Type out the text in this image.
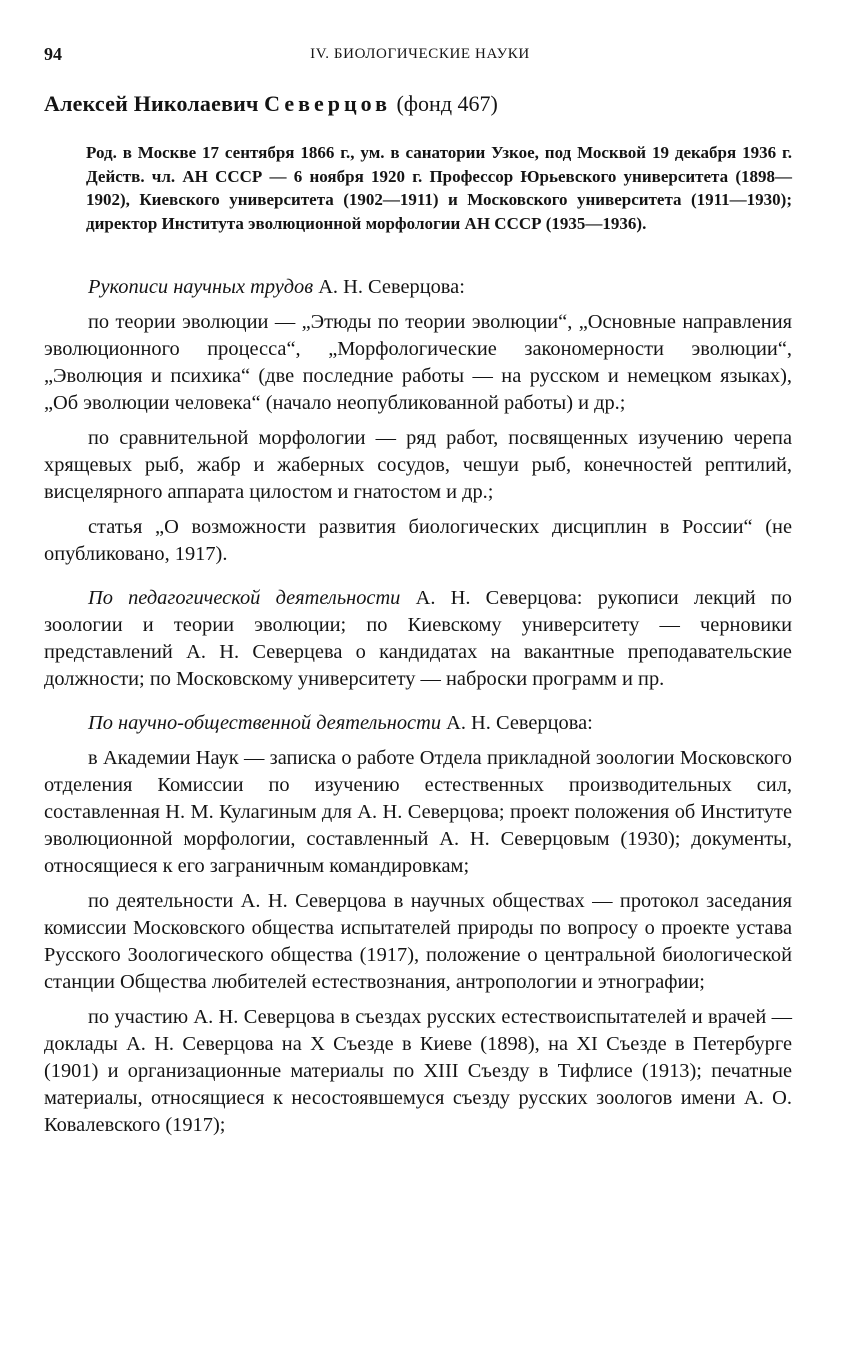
94	IV. БИОЛОГИЧЕСКИЕ НАУКИ
Алексей Николаевич Северцов (фонд 467)
Род. в Москве 17 сентября 1866 г., ум. в санатории Узкое, под Москвой 19 декабря 1936 г. Действ. чл. АН СССР — 6 ноября 1920 г. Профессор Юрьевского университета (1898—1902), Киевского университета (1902—1911) и Московского университета (1911—1930); директор Института эволюционной морфологии АН СССР (1935—1936).

Рукописи научных трудов А. Н. Северцова:

по теории эволюции — „Этюды по теории эволюции“, „Основные направления эволюционного процесса“, „Морфологические закономерности эволюции“, „Эволюция и психика“ (две последние работы — на русском и немецком языках), „Об эволюции человека“ (начало неопубликованной работы) и др.;

по сравнительной морфологии — ряд работ, посвященных изучению черепа хрящевых рыб, жабр и жаберных сосудов, чешуи рыб, конечностей рептилий, висцелярного аппарата цилостом и гнатостом и др.;

статья „О возможности развития биологических дисциплин в России“ (не опубликовано, 1917).

По педагогической деятельности А. Н. Северцова: рукописи лекций по зоологии и теории эволюции; по Киевскому университету — черновики представлений А. Н. Северцева о кандидатах на вакантные преподавательские должности; по Московскому университету — наброски программ и пр.

По научно-общественной деятельности А. Н. Северцова:

в Академии Наук — записка о работе Отдела прикладной зоологии Московского отделения Комиссии по изучению естественных производительных сил, составленная Н. М. Кулагиным для А. Н. Северцова; проект положения об Институте эволюционной морфологии, составленный А. Н. Северцовым (1930); документы, относящиеся к его заграничным командировкам;

по деятельности А. Н. Северцова в научных обществах — протокол заседания комиссии Московского общества испытателей природы по вопросу о проекте устава Русского Зоологического общества (1917), положение о центральной биологической станции Общества любителей естествознания, антропологии и этнографии;

по участию А. Н. Северцова в съездах русских естествоиспытателей и врачей — доклады А. Н. Северцова на X Съезде в Киеве (1898), на XI Съезде в Петербурге (1901) и организационные материалы по XIII Съезду в Тифлисе (1913); печатные материалы, относящиеся к несостоявшемуся съезду русских зоологов имени А. О. Ковалевского (1917);
